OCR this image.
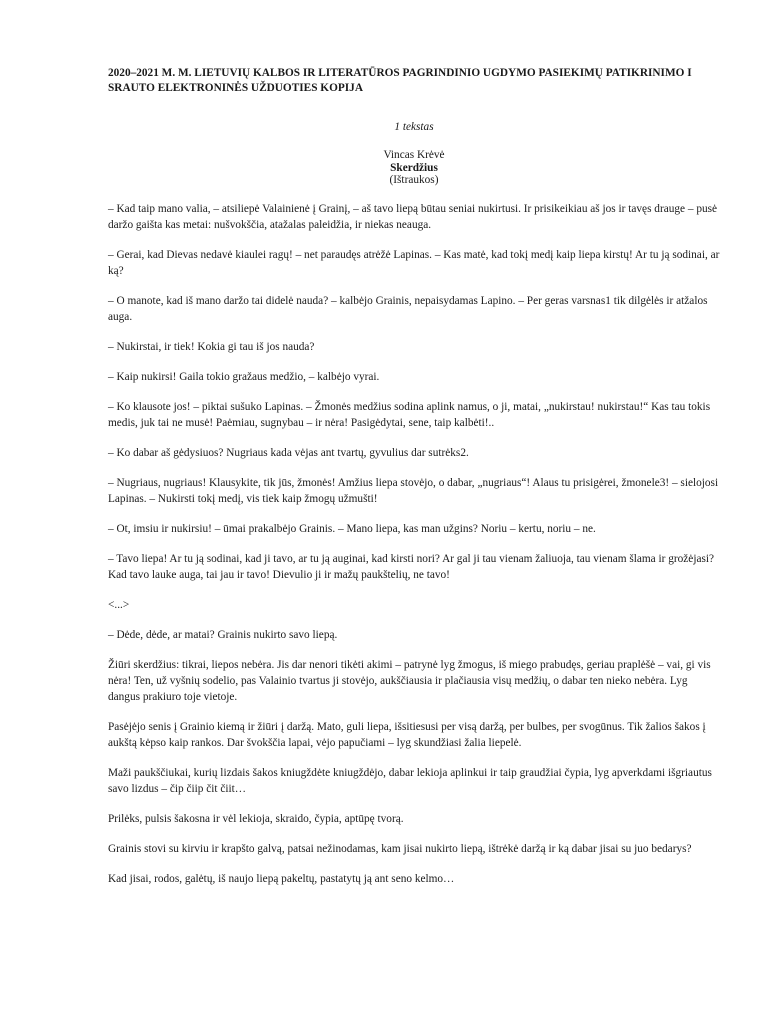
2020–2021 M. M. LIETUVIŲ KALBOS IR LITERATŪROS PAGRINDINIO UGDYMO PASIEKIMŲ PATIKRINIMO I SRAUTO ELEKTRONINĖS UŽDUOTIES KOPIJA
1 tekstas
Vincas Krėvė
Skerdžius
(Ištraukos)

– Kad taip mano valia, – atsiliepė Valainienė į Grainį, – aš tavo liepą būtau seniai nukirtusi. Ir prisikeikiau aš jos ir tavęs drauge – pusė daržo gaišta kas metai: nušvokščia, atažalas paleidžia, ir niekas neauga.

– Gerai, kad Dievas nedavė kiaulei ragų! – net paraudęs atrėžė Lapinas. – Kas matė, kad tokį medį kaip liepa kirstų! Ar tu ją sodinai, ar ką?

– O manote, kad iš mano daržo tai didelė nauda? – kalbėjo Grainis, nepaisydamas Lapino. – Per geras varsnas1 tik dilgėlės ir atžalos auga.

– Nukirstai, ir tiek! Kokia gi tau iš jos nauda?

– Kaip nukirsi! Gaila tokio gražaus medžio, – kalbėjo vyrai.

– Ko klausote jos! – piktai sušuko Lapinas. – Žmonės medžius sodina aplink namus, o ji, matai, „nukirstau! nukirstau!“ Kas tau tokis medis, juk tai ne musė! Paėmiau, sugnybau – ir nėra! Pasigėdytai, sene, taip kalbėti!..

– Ko dabar aš gėdysiuos? Nugriaus kada vėjas ant tvartų, gyvulius dar sutrėks2.

– Nugriaus, nugriaus! Klausykite, tik jūs, žmonės! Amžius liepa stovėjo, o dabar, „nugriaus“! Alaus tu prisigėrei, žmonele3! – sielojosi Lapinas. – Nukirsti tokį medį, vis tiek kaip žmogų užmušti!

– Ot, imsiu ir nukirsiu! – ūmai prakalbėjo Grainis. – Mano liepa, kas man užgins? Noriu – kertu, noriu – ne.

– Tavo liepa! Ar tu ją sodinai, kad ji tavo, ar tu ją auginai, kad kirsti nori? Ar gal ji tau vienam žaliuoja, tau vienam šlama ir grožėjasi? Kad tavo lauke auga, tai jau ir tavo! Dievulio ji ir mažų paukštelių, ne tavo!

<...>

– Dėde, dėde, ar matai? Grainis nukirto savo liepą.

Žiūri skerdžius: tikrai, liepos nebėra. Jis dar nenori tikėti akimi – patrynė lyg žmogus, iš miego prabudęs, geriau praplėšė – vai, gi vis nėra! Ten, už vyšnių sodelio, pas Valainio tvartus ji stovėjo, aukščiausia ir plačiausia visų medžių, o dabar ten nieko nebėra. Lyg dangus prakiuro toje vietoje.

Pasėjėjo senis į Grainio kiemą ir žiūri į daržą. Mato, guli liepa, išsitiesusi per visą daržą, per bulbes, per svogūnus. Tik žalios šakos į aukštą kėpso kaip rankos. Dar švokščia lapai, vėjo papučiami – lyg skundžiasi žalia liepelė.

Maži paukščiukai, kurių lizdais šakos kniugždėte kniugždėjo, dabar lekioja aplinkui ir taip graudžiai čypia, lyg apverkdami išgriautus savo lizdus – čip čiip čit čiit…

Prilėks, pulsis šakosna ir vėl lekioja, skraido, čypia, aptūpę tvorą.

Grainis stovi su kirviu ir krapšto galvą, patsai nežinodamas, kam jisai nukirto liepą, ištrėkė daržą ir ką dabar jisai su juo bedarys?

Kad jisai, rodos, galėtų, iš naujo liepą pakeltų, pastatytų ją ant seno kelmo…
